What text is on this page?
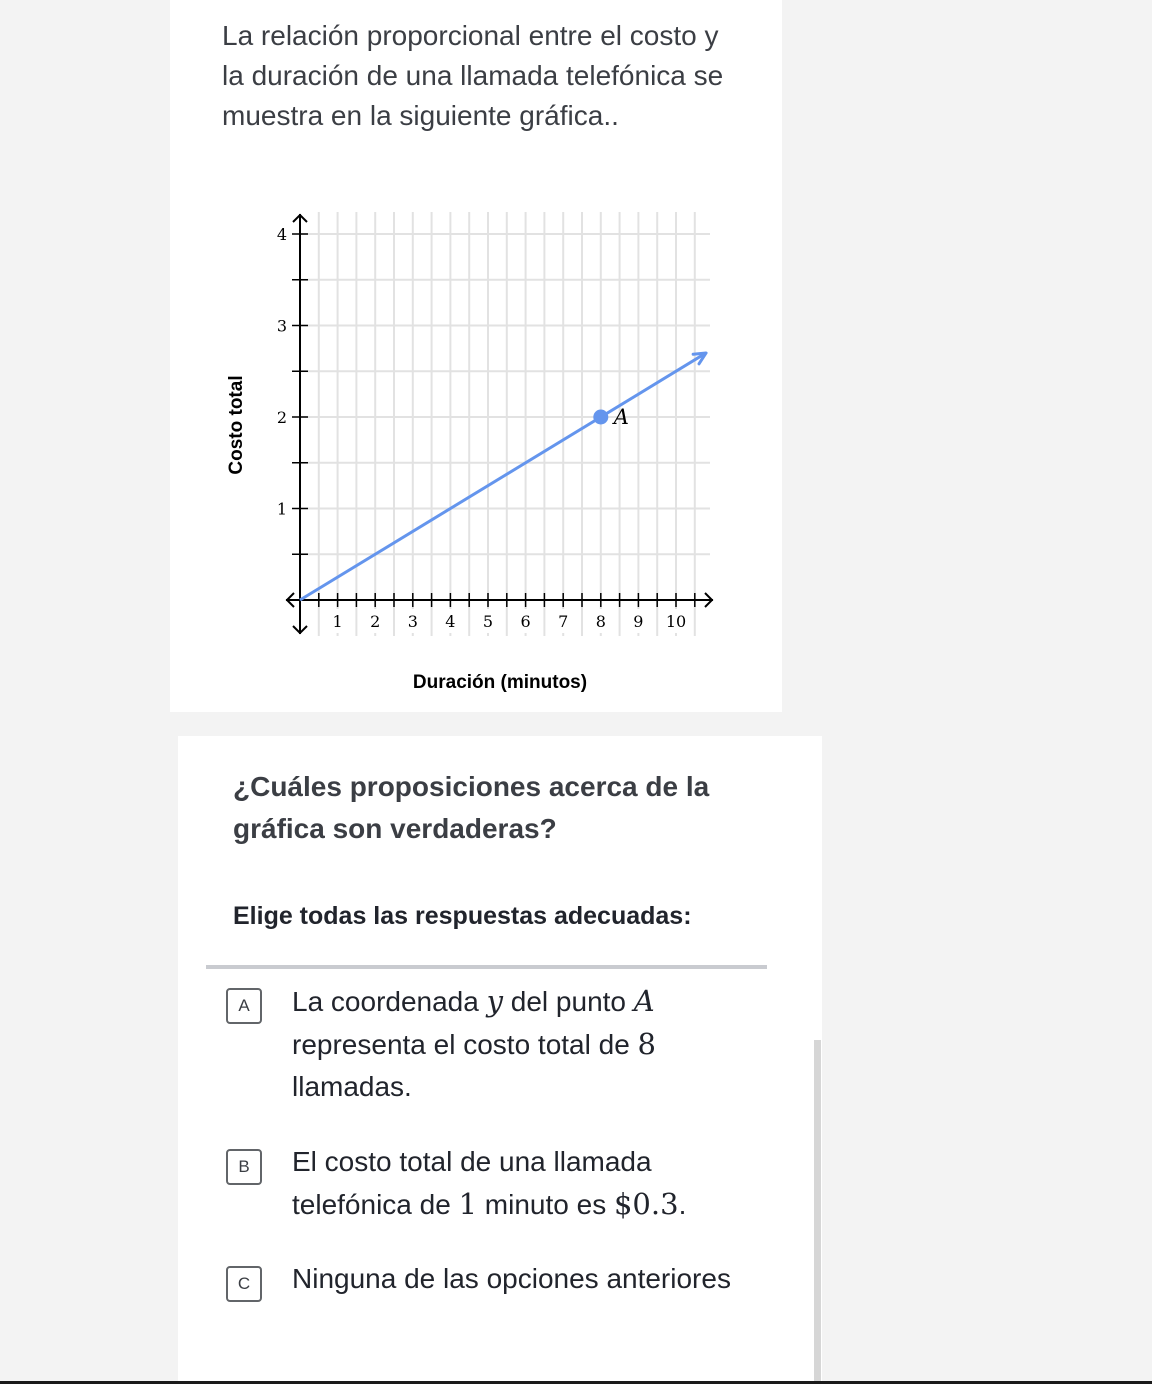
La relación proporcional entre el costo y la duración de una llamada telefónica se muestra en la siguiente gráfica..
1 2 3 4 5 6 7 8 9 10
1
2
3
4
A
Duración (minutos)
Costo total
¿Cuáles proposiciones acerca de la gráfica son verdaderas?
Elige todas las respuestas adecuadas:
A	La coordenada y del punto A representa el costo total de 8 llamadas.
B	El costo total de una llamada telefónica de 1 minuto es $0.3.
C	Ninguna de las opciones anteriores
